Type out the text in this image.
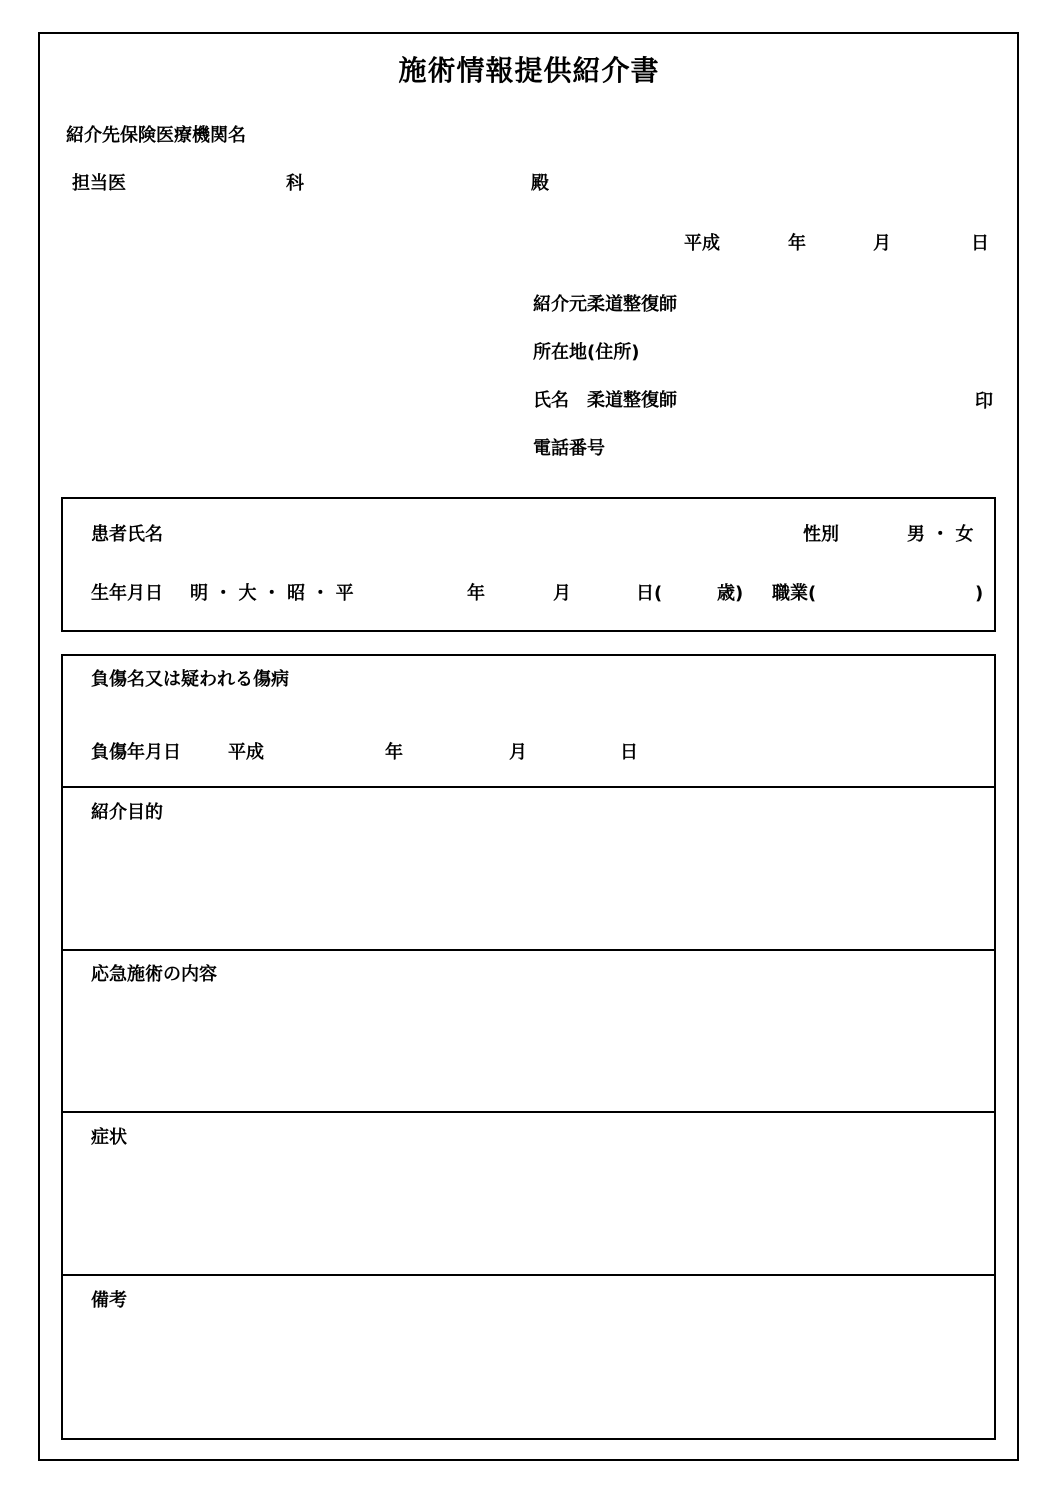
施術情報提供紹介書
紹介先保険医療機関名
担当医	科	殿
平成	年	月	日
紹介元柔道整復師
所在地(住所)
氏名　柔道整復師	印
電話番号
患者氏名	性別	男 ・ 女
生年月日 明 ・ 大 ・ 昭 ・ 平	年	月	日(	歳) 職業(	)
負傷名又は疑われる傷病
負傷年月日	平成	年	月	日
紹介目的
応急施術の内容
症状
備考
